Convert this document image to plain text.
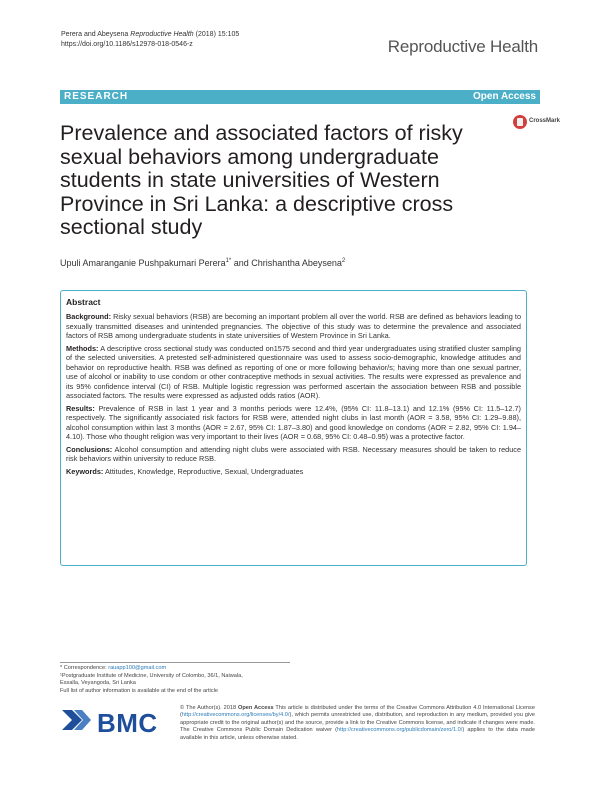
Perera and Abeysena Reproductive Health (2018) 15:105
https://doi.org/10.1186/s12978-018-0546-z	Reproductive Health
RESEARCH	Open Access
Prevalence and associated factors of risky sexual behaviors among undergraduate students in state universities of Western Province in Sri Lanka: a descriptive cross sectional study
CrossMark
Upuli Amaranganie Pushpakumari Perera$^{1*}$ and Chrishantha Abeysena$^2$
Abstract

Background: Risky sexual behaviors (RSB) are becoming an important problem all over the world. RSB are defined as behaviors leading to sexually transmitted diseases and unintended pregnancies. The objective of this study was to determine the prevalence and associated factors of RSB among undergraduate students in state universities of Western Province in Sri Lanka.

Methods: A descriptive cross sectional study was conducted on1575 second and third year undergraduates using stratified cluster sampling of the selected universities. A pretested self-administered questionnaire was used to assess socio-demographic, knowledge attitudes and behavior on reproductive health. RSB was defined as reporting of one or more following behavior/s; having more than one sexual partner, use of alcohol or inability to use condom or other contraceptive methods in sexual activities. The results were expressed as prevalence and its 95% confidence interval (CI) of RSB. Multiple logistic regression was performed ascertain the association between RSB and possible associated factors. The results were expressed as adjusted odds ratios (AOR).

Results: Prevalence of RSB in last 1 year and 3 months periods were 12.4%, (95% CI: 11.8–13.1) and 12.1% (95% CI: 11.5–12.7) respectively. The significantly associated risk factors for RSB were, attended night clubs in last month (AOR = 3.58, 95% CI: 1.29–9.88), alcohol consumption within last 3 months (AOR = 2.67, 95% CI: 1.87–3.80) and good knowledge on condoms (AOR = 2.82, 95% CI: 1.94–4.10). Those who thought religion was very important to their lives (AOR = 0.68, 95% CI: 0.48–0.95) was a protective factor.

Conclusions: Alcohol consumption and attending night clubs were associated with RSB. Necessary measures should be taken to reduce risk behaviors within university to reduce RSB.

Keywords: Attitudes, Knowledge, Reproductive, Sexual, Undergraduates

* Correspondence: rauapp100@gmail.com
¹Postgraduate Institute of Medicine, University of Colombo, 36/1, Naiwala,
Essalla, Veyangoda, Sri Lanka
Full list of author information is available at the end of the article
BMC	© The Author(s). 2018 Open Access This article is distributed under the terms of the Creative Commons Attribution 4.0 International License (http://creativecommons.org/licenses/by/4.0/), which permits unrestricted use, distribution, and reproduction in any medium, provided you give appropriate credit to the original author(s) and the source, provide a link to the Creative Commons license, and indicate if changes were made. The Creative Commons Public Domain Dedication waiver (http://creativecommons.org/publicdomain/zero/1.0/) applies to the data made available in this article, unless otherwise stated.
